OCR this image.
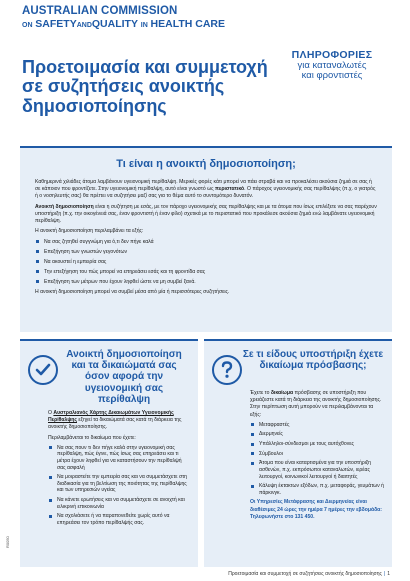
AUSTRALIAN COMMISSION
ON SAFETYANDQUALITY IN HEALTH CARE
ΠΛΗΡΟΦΟΡΙΕΣ
για καταναλωτές
και φροντιστές
Προετοιμασία και συμμετοχή σε συζητήσεις ανοικτής δημοσιοποίησης
Τι είναι η ανοικτή δημοσιοποίηση;

Καθημερινά χιλιάδες άτομα λαμβάνουν υγειονομική περίθαλψη. Μερικές φορές κάτι μπορεί να πάει στραβά και να προκαλέσει ακούσια ζημιά σε σας ή σε κάποιον που φροντίζετε. Στην υγειονομική περίθαλψη, αυτό είναι γνωστό ως περιστατικό. Ο πάροχος υγειονομικής σας περίθαλψης (π.χ. ο γιατρός ή ο νοσηλευτής σας) θα πρέπει να συζητήσει μαζί σας για το θέμα αυτό το συντομότερο δυνατόν.

Ανοικτή δημοσιοποίηση είναι η συζήτηση με εσάς, με τον πάροχο υγειονομικής σας περίθαλψης και με τα άτομα που ίσως επιλέξετε να σας παρέχουν υποστήριξη (π.χ. την οικογένειά σας, έναν φροντιστή ή έναν φίλο) σχετικά με το περιστατικό που προκάλεσε ακούσια ζημιά ενώ λαμβάνατε υγειονομική περίθαλψη.

Η ανοικτή δημοσιοποίηση περιλαμβάνει τα εξής:

Να σας ζητηθεί συγγνώμη για ό,τι δεν πήγε καλά
Επεξήγηση των γνωστών γεγονότων
Να ακουστεί η εμπειρία σας
Την επεξήγηση του πώς μπορεί να επηρεάσει εσάς και τη φροντίδα σας
Επεξήγηση των μέτρων που έχουν ληφθεί ώστε να μη συμβεί ξανά.

Η ανοικτή δημοσιοποίηση μπορεί να συμβεί μέσα από μία ή περισσότερες συζητήσεις.

Ανοικτή δημοσιοποίηση και τα δικαιώματά σας όσον αφορά την υγειονομική σας περίθαλψη

Ο Αυστραλιανός Χάρτης Δικαιωμάτων Υγειονομικής Περίθαλψης εξηγεί τα δικαιώματά σας κατά τη διάρκεια της ανοικτής δημοσιοποίησης.

Περιλαμβάνεται το δικαίωμα που έχετε:

Να σας πουν τι δεν πήγε καλά στην υγειονομική σας περίθαλψη, πώς έγινε, πώς ίσως σας επηρεάσει και τι μέτρα έχουν ληφθεί για να καταστήσουν την περίθαλψή σας ασφαλή
Να μοιραστείτε την εμπειρία σας και να συμμετάσχετε στη διαδικασία για τη βελτίωση της ποιότητας της περίθαλψης και των υπηρεσιών υγείας
Να κάνετε ερωτήσεις και να συμμετάσχετε σε ανοιχτή και ειλικρινή επικοινωνία
Να σχολιάσετε ή να παραπονεθείτε χωρίς αυτό να επηρεάσει τον τρόπο περίθαλψής σας.
Σε τι είδους υποστήριξη έχετε δικαίωμα πρόσβασης;

Έχετε το δικαίωμα πρόσβασης σε υποστήριξη που χρειάζεστε κατά τη διάρκεια της ανοικτής δημοσιοποίησης. Στην περίπτωση αυτή μπορούν να περιλαμβάνονται τα εξής:

Μεταφραστές
Διερμηνείς
Υπάλληλοι-σύνδεσμοι με τους αυτόχθονες
Σύμβουλοι
Άτομα που είναι καταρτισμένα για την υποστήριξη ασθενών, π.χ. εκπρόσωποι καταναλωτών, ιερέας λειτουργοί, κοινωνικοί λειτουργοί ή διαιτητές
Κάλυψη έκτακτων εξόδων, π.χ. μεταφοράς, γευμάτων ή πάρκινγκ.

Οι Υπηρεσίες Μετάφρασης και Διερμηνείας είναι διαθέσιμες 24 ώρες την ημέρα 7 ημέρες την εβδομάδα: Τηλεφωνήστε στο 131 450.

R0050
Προετοιμασία και συμμετοχή σε συζητήσεις ανοικτής δημοσιοποίησης | 1
